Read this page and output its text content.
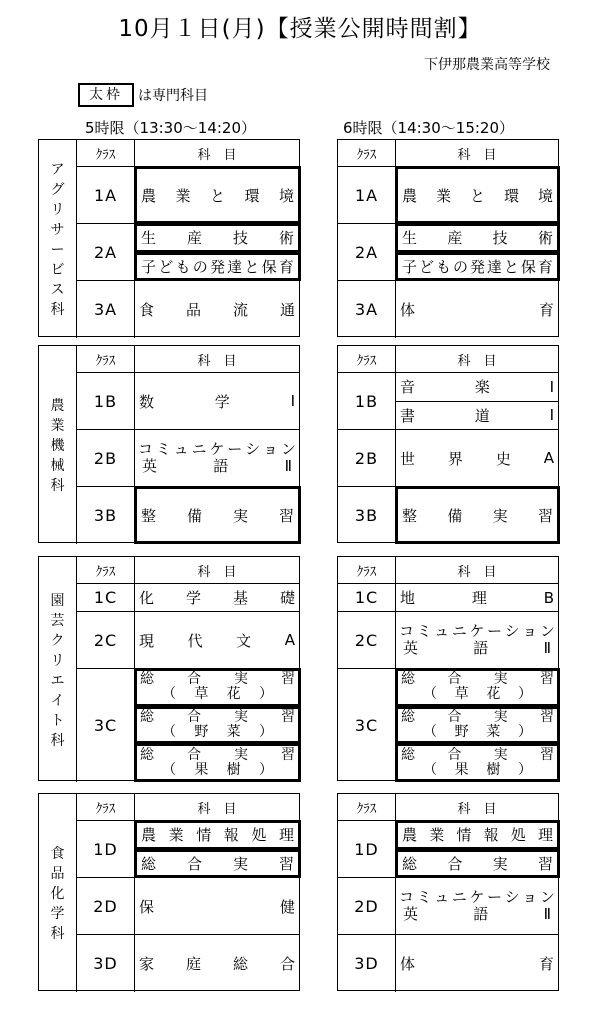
10月１日(月)【授業公開時間割】
下伊那農業高等学校
太枠	は専門科目
5時限（13:30〜14:20）	6時限（14:30〜15:20）
ア
グ
リ
サ
ー
ビ
ス
科
ｸﾗｽ	科　目
1A	農 業 と 環 境
2A
生 産 技 術
子 ど も の 発 達 と 保 育
3A	食 品 流 通
ｸﾗｽ	科　目
1A	農 業 と 環 境
2A
生 産 技 術
子 ど も の 発 達 と 保 育
3A	体	育
農
業
機
械
科
ｸﾗｽ	科　目
1B	数	学	Ⅰ
2B	コ ミ ュ ニ ケ ー シ ョ ン
英	語	Ⅱ
3B	整 備 実 習
ｸﾗｽ	科　目
1B
音	楽	Ⅰ
書	道	Ⅰ
2B	世 界 史 A
3B	整 備 実 習
園
芸
ク
リ
エ
イ
ト
科
ｸﾗｽ	科　目
1C	化 学 基 礎
2C	現 代 文 A
3C
総 合 実 習
（ 草 花 ）
総 合 実 習
（ 野 菜 ）
総 合 実 習
（ 果 樹 ）
ｸﾗｽ	科　目
1C	地	理	B
2C	コ ミ ュ ニ ケ ー シ ョ ン
英	語	Ⅱ
3C
総 合 実 習
（ 草 花 ）
総 合 実 習
（ 野 菜 ）
総 合 実 習
（ 果 樹 ）
食
品
化
学
科
ｸﾗｽ	科　目
1D
農 業 情 報 処 理
総 合 実 習
2D	保	健
3D	家 庭 総 合
ｸﾗｽ	科　目
1D
農 業 情 報 処 理
総 合 実 習
2D	コ ミ ュ ニ ケ ー シ ョ ン
英	語	Ⅱ
3D	体	育
